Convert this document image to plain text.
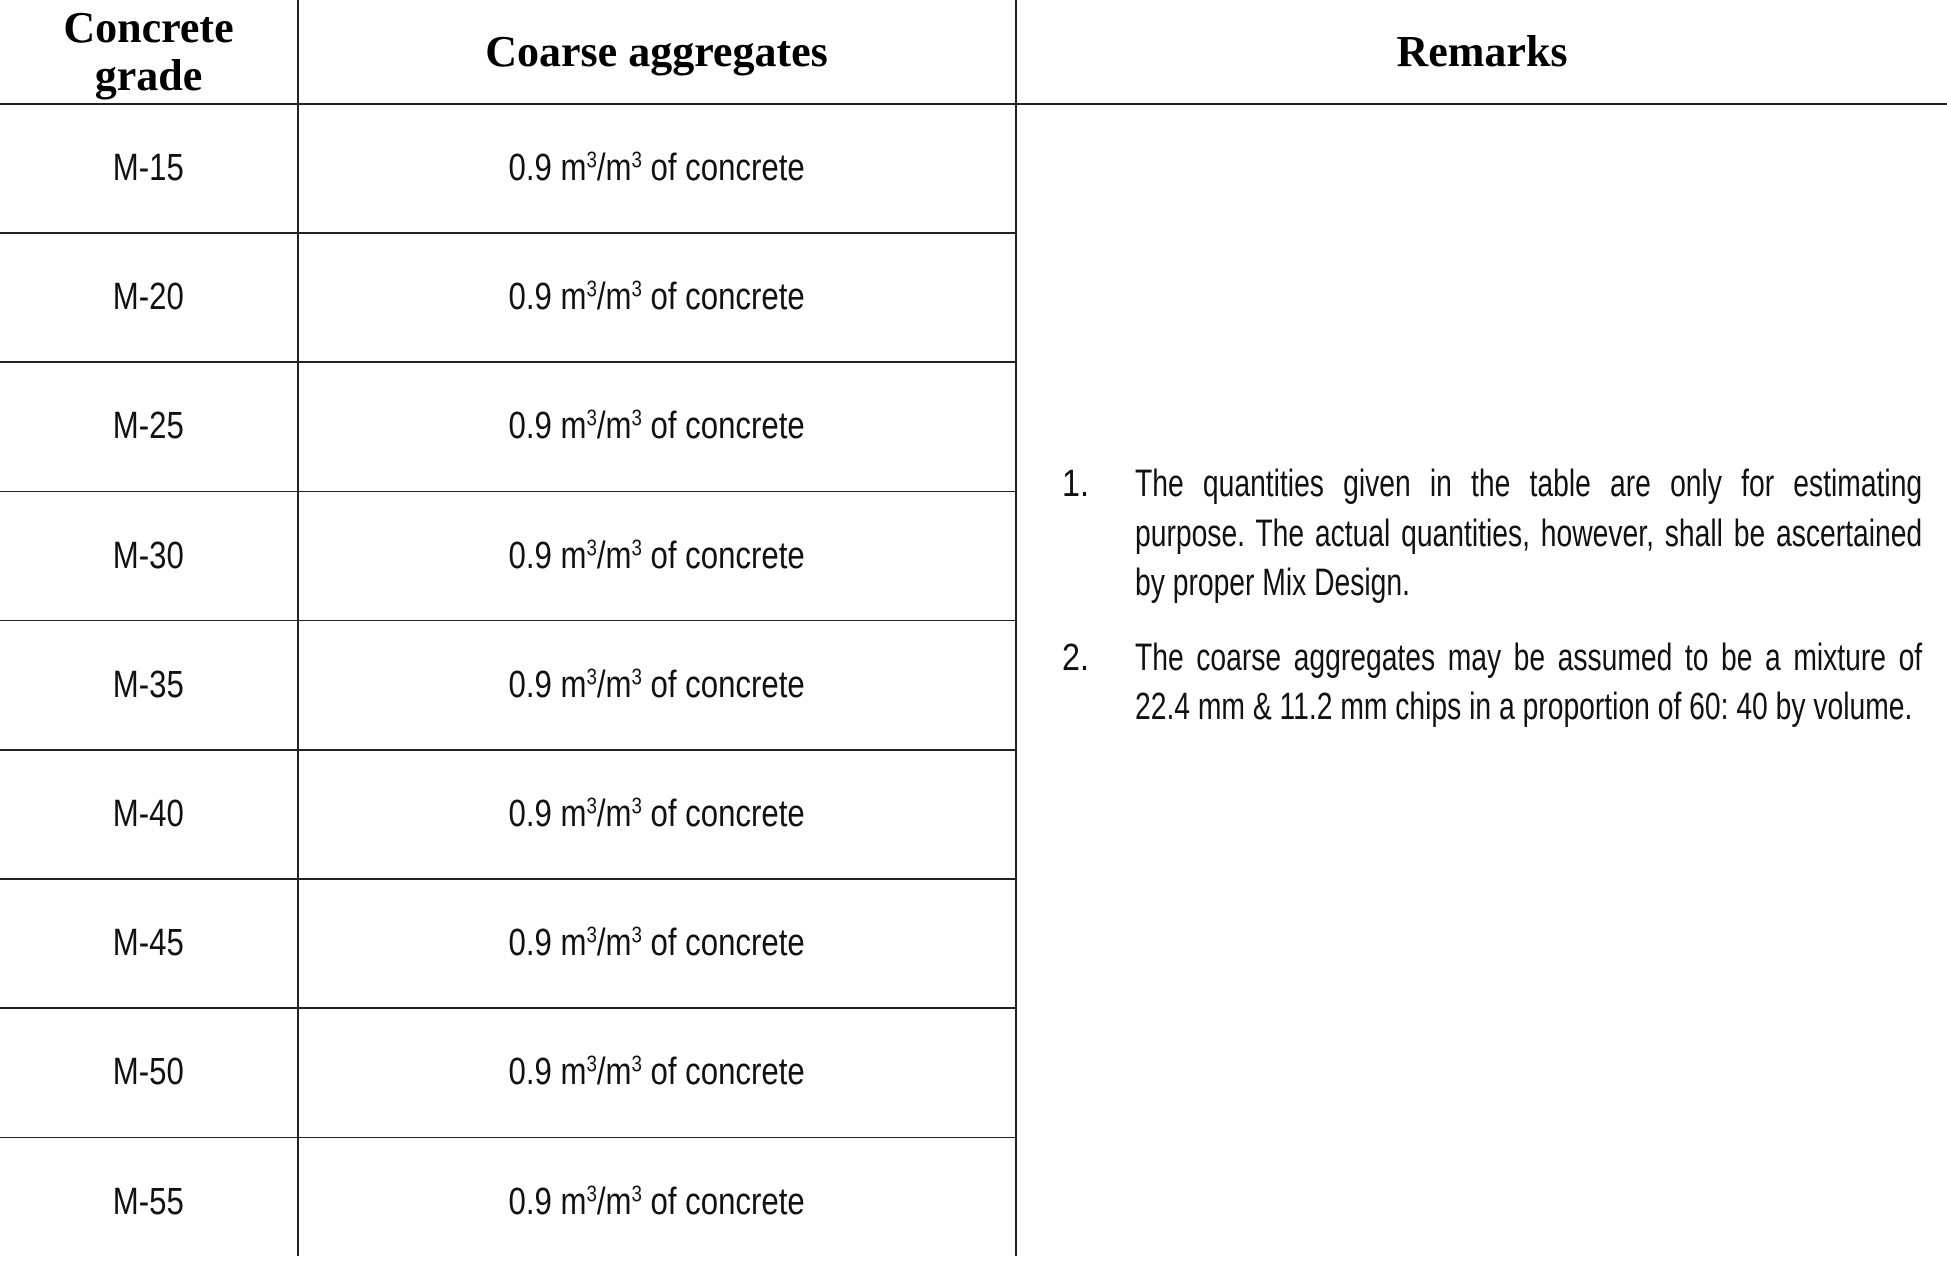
Concrete grade	Coarse aggregates	Remarks
M-15	0.9 $m^3/m^3$ of concrete
M-20	0.9 $m^3/m^3$ of concrete
M-25	0.9 $m^3/m^3$ of concrete
M-30	0.9 $m^3/m^3$ of concrete
M-35	0.9 $m^3/m^3$ of concrete
M-40	0.9 $m^3/m^3$ of concrete
M-45	0.9 $m^3/m^3$ of concrete
M-50	0.9 $m^3/m^3$ of concrete
M-55	0.9 $m^3/m^3$ of concrete
1. The quantities given in the table are only for estimating purpose. The actual quantities, however, shall be ascertained by proper Mix Design.
2. The coarse aggregates may be assumed to be a mixture of 22.4 mm & 11.2 mm chips in a proportion of 60: 40 by volume.
